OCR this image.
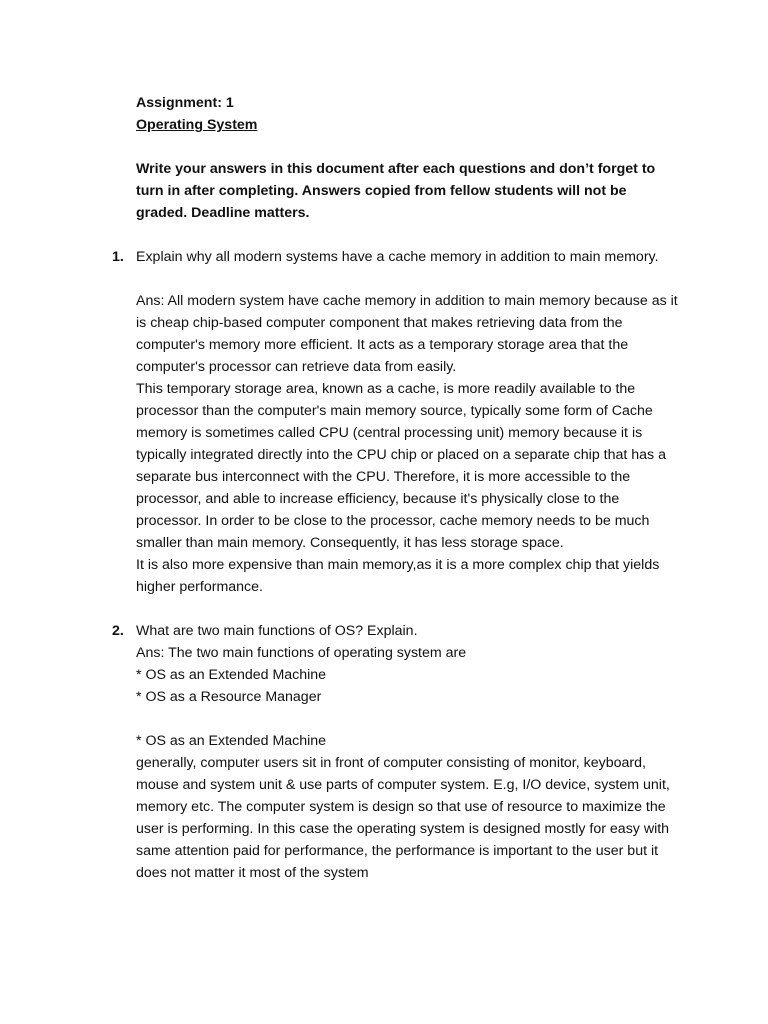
Assignment: 1
Operating System
Write your answers in this document after each questions and don’t forget to turn in after completing. Answers copied from fellow students will not be graded. Deadline matters.
1. Explain why all modern systems have a cache memory in addition to main memory.
Ans: All modern system have cache memory in addition to main memory because as it is cheap chip-based computer component that makes retrieving data from the computer's memory more efficient. It acts as a temporary storage area that the computer's processor can retrieve data from easily.
This temporary storage area, known as a cache, is more readily available to the processor than the computer's main memory source, typically some form of Cache memory is sometimes called CPU (central processing unit) memory because it is typically integrated directly into the CPU chip or placed on a separate chip that has a separate bus interconnect with the CPU. Therefore, it is more accessible to the processor, and able to increase efficiency, because it's physically close to the processor. In order to be close to the processor, cache memory needs to be much smaller than main memory. Consequently, it has less storage space.
It is also more expensive than main memory,as it is a more complex chip that yields higher performance.
2. What are two main functions of OS? Explain.
Ans: The two main functions of operating system are
* OS as an Extended Machine
* OS as a Resource Manager
* OS as an Extended Machine
generally, computer users sit in front of computer consisting of monitor, keyboard, mouse and system unit & use parts of computer system. E.g, I/O device, system unit, memory etc. The computer system is design so that use of resource to maximize the user is performing. In this case the operating system is designed mostly for easy with same attention paid for performance, the performance is important to the user but it does not matter it most of the system
